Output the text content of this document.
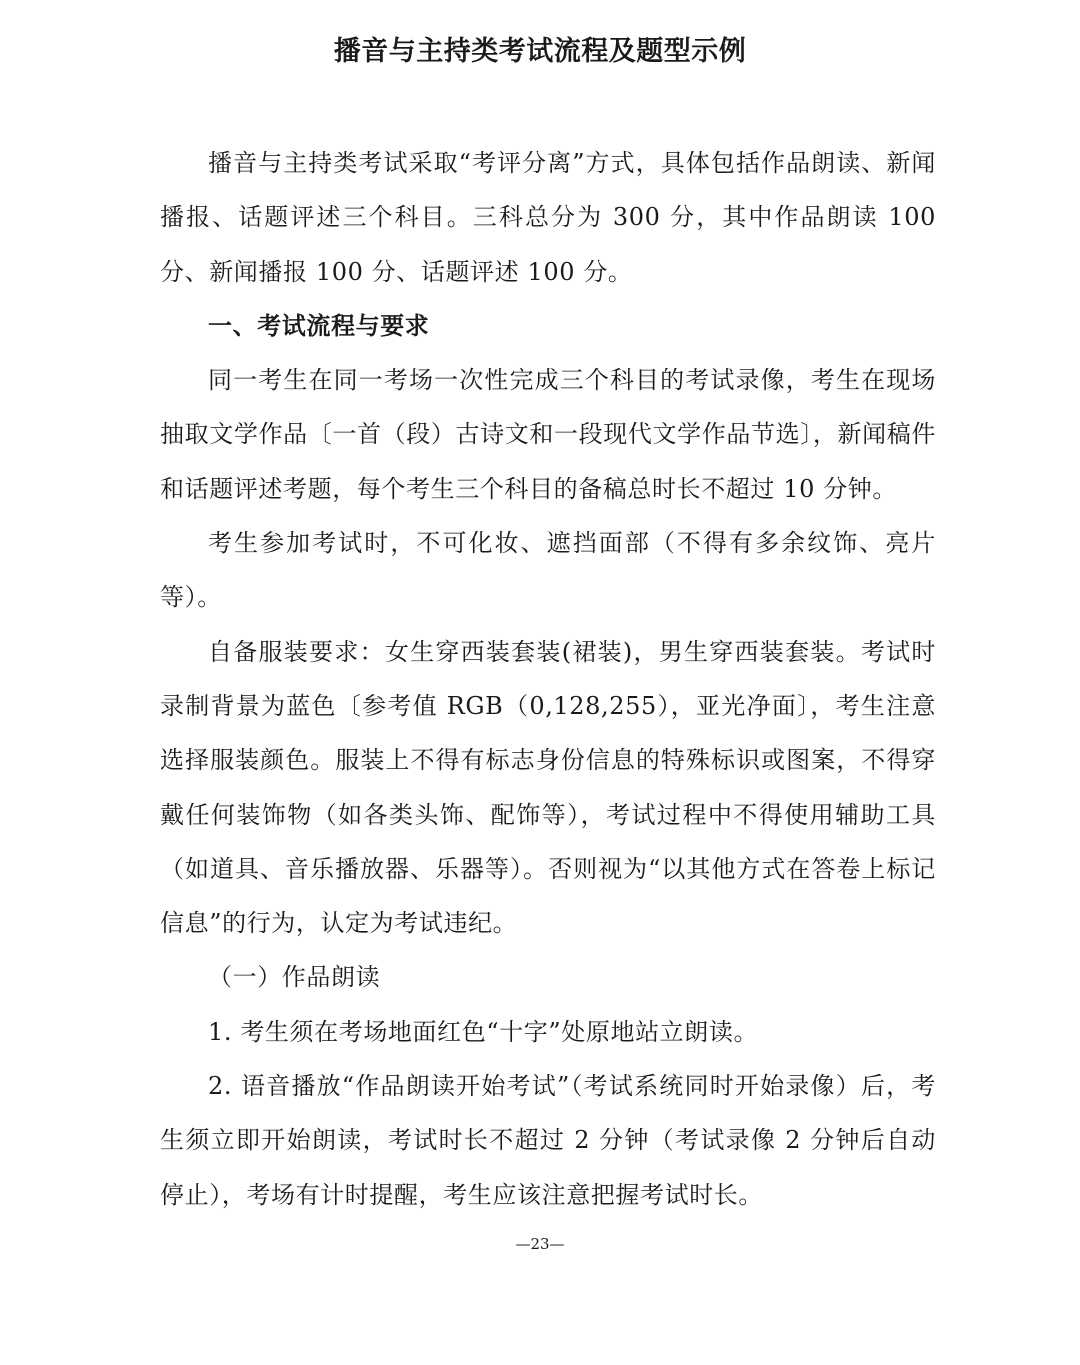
播音与主持类考试流程及题型示例

播音与主持类考试采取“考评分离”方式，具体包括作品朗读、新闻播报、话题评述三个科目。三科总分为 300 分，其中作品朗读 100 分、新闻播报 100 分、话题评述 100 分。

一、考试流程与要求

同一考生在同一考场一次性完成三个科目的考试录像，考生在现场抽取文学作品〔一首（段）古诗文和一段现代文学作品节选〕，新闻稿件和话题评述考题，每个考生三个科目的备稿总时长不超过 10 分钟。

考生参加考试时，不可化妆、遮挡面部（不得有多余纹饰、亮片等）。

自备服装要求：女生穿西装套装(裙装)，男生穿西装套装。考试时录制背景为蓝色〔参考值 RGB（0,128,255），亚光净面〕，考生注意选择服装颜色。服装上不得有标志身份信息的特殊标识或图案，不得穿戴任何装饰物（如各类头饰、配饰等），考试过程中不得使用辅助工具（如道具、音乐播放器、乐器等）。否则视为“以其他方式在答卷上标记信息”的行为，认定为考试违纪。

（一）作品朗读

1. 考生须在考场地面红色“十字”处原地站立朗读。

2. 语音播放“作品朗读开始考试”（考试系统同时开始录像）后，考生须立即开始朗读，考试时长不超过 2 分钟（考试录像 2 分钟后自动停止），考场有计时提醒，考生应该注意把握考试时长。

—23—
